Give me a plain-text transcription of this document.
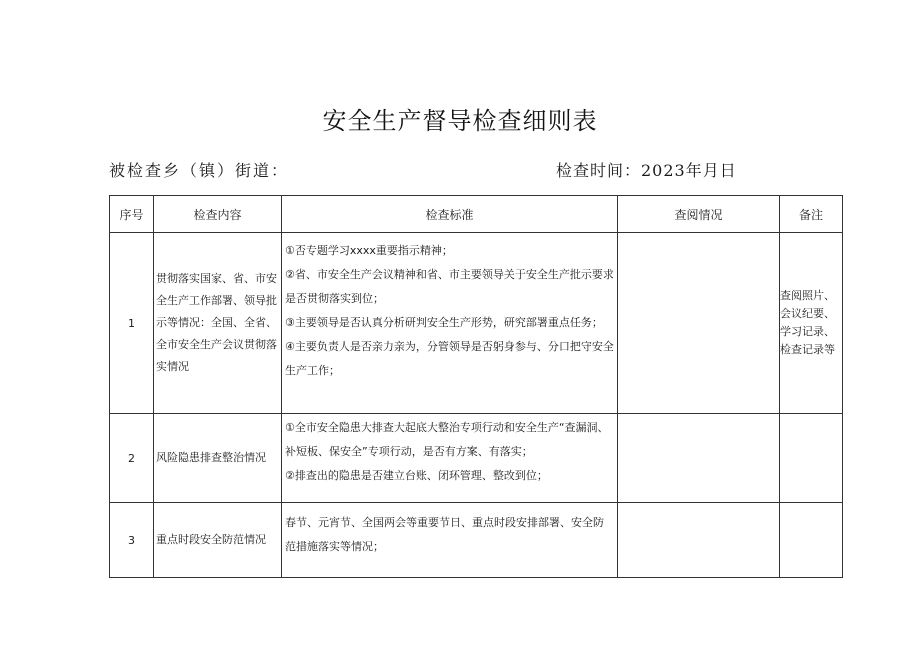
安全生产督导检查细则表
被检查乡（镇）街道：	检查时间：2023年月日
序号	检查内容	检查标准	查阅情况	备注
1	贯彻落实国家、省、市安全生产工作部署、领导批示等情况：全国、全省、全市安全生产会议贯彻落实情况	①否专题学习xxxx重要指示精神；
②省、市安全生产会议精神和省、市主要领导关于安全生产批示要求是否贯彻落实到位；
③主要领导是否认真分析研判安全生产形势，研究部署重点任务；
④主要负责人是否亲力亲为，分管领导是否躬身参与、分口把守安全生产工作；		查阅照片、会议纪要、学习记录、检查记录等
2	风险隐患排查整治情况	①全市安全隐患大排查大起底大整治专项行动和安全生产“查漏洞、补短板、保安全”专项行动，是否有方案、有落实；
②排查出的隐患是否建立台账、闭环管理、整改到位；		

3	重点时段安全防范情况	春节、元宵节、全国两会等重要节日、重点时段安排部署、安全防范措施落实等情况；		
